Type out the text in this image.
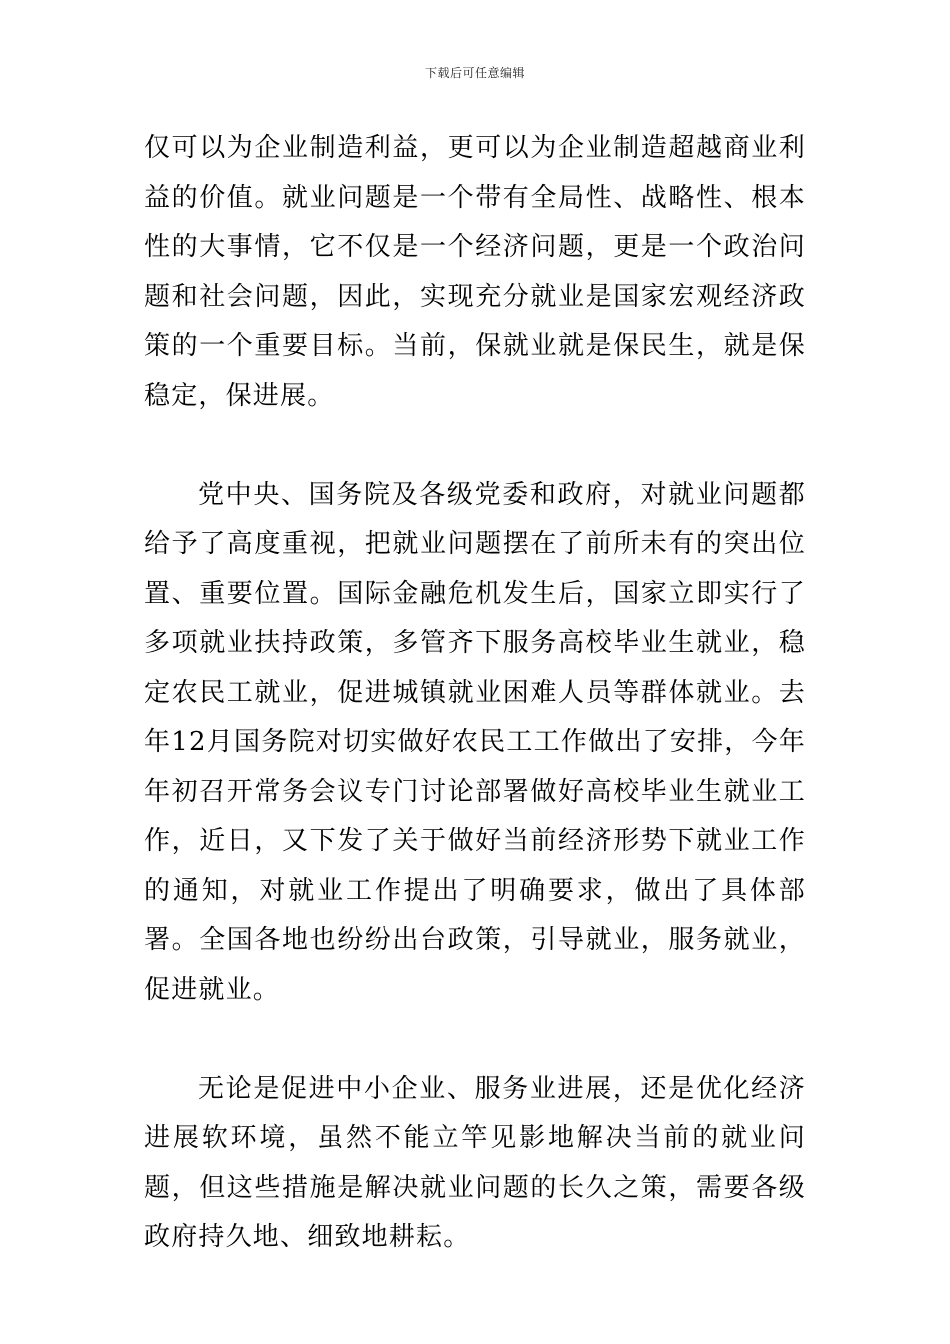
下载后可任意编辑

仅可以为企业制造利益，更可以为企业制造超越商业利益的价值。就业问题是一个带有全局性、战略性、根本性的大事情，它不仅是一个经济问题，更是一个政治问题和社会问题，因此，实现充分就业是国家宏观经济政策的一个重要目标。当前，保就业就是保民生，就是保稳定，保进展。

党中央、国务院及各级党委和政府，对就业问题都给予了高度重视，把就业问题摆在了前所未有的突出位置、重要位置。国际金融危机发生后，国家立即实行了多项就业扶持政策，多管齐下服务高校毕业生就业，稳定农民工就业，促进城镇就业困难人员等群体就业。去年12月国务院对切实做好农民工工作做出了安排，今年年初召开常务会议专门讨论部署做好高校毕业生就业工作，近日，又下发了关于做好当前经济形势下就业工作的通知，对就业工作提出了明确要求，做出了具体部署。全国各地也纷纷出台政策，引导就业，服务就业，促进就业。

无论是促进中小企业、服务业进展，还是优化经济进展软环境，虽然不能立竿见影地解决当前的就业问题，但这些措施是解决就业问题的长久之策，需要各级政府持久地、细致地耕耘。
